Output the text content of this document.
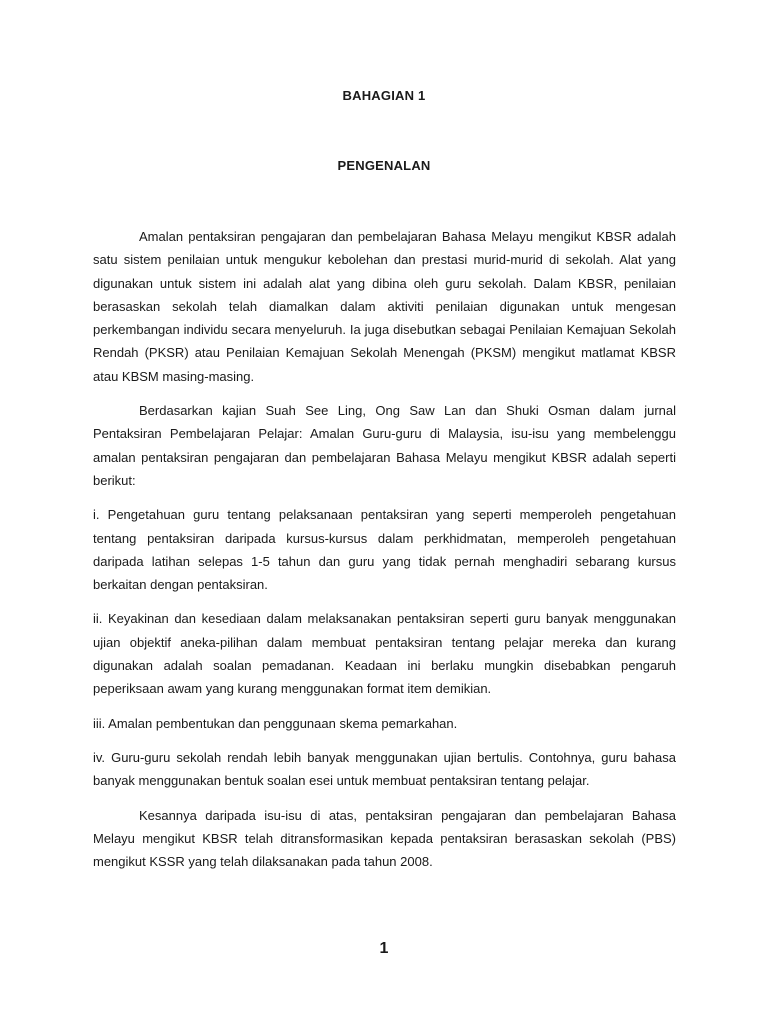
BAHAGIAN 1
PENGENALAN

Amalan pentaksiran pengajaran dan pembelajaran Bahasa Melayu mengikut KBSR adalah satu sistem penilaian untuk mengukur kebolehan dan prestasi murid-murid di sekolah. Alat yang digunakan untuk sistem ini adalah alat yang dibina oleh guru sekolah. Dalam KBSR, penilaian berasaskan sekolah telah diamalkan dalam aktiviti penilaian digunakan untuk mengesan perkembangan individu secara menyeluruh. Ia juga disebutkan sebagai Penilaian Kemajuan Sekolah Rendah (PKSR) atau Penilaian Kemajuan Sekolah Menengah (PKSM) mengikut matlamat KBSR atau KBSM masing-masing.

Berdasarkan kajian Suah See Ling, Ong Saw Lan dan Shuki Osman dalam jurnal Pentaksiran Pembelajaran Pelajar: Amalan Guru-guru di Malaysia, isu-isu yang membelenggu amalan pentaksiran pengajaran dan pembelajaran Bahasa Melayu mengikut KBSR adalah seperti berikut:

i. Pengetahuan guru tentang pelaksanaan pentaksiran yang seperti memperoleh pengetahuan tentang pentaksiran daripada kursus-kursus dalam perkhidmatan, memperoleh pengetahuan daripada latihan selepas 1-5 tahun dan guru yang tidak pernah menghadiri sebarang kursus berkaitan dengan pentaksiran.

ii. Keyakinan dan kesediaan dalam melaksanakan pentaksiran seperti guru banyak menggunakan ujian objektif aneka-pilihan dalam membuat pentaksiran tentang pelajar mereka dan kurang digunakan adalah soalan pemadanan. Keadaan ini berlaku mungkin disebabkan pengaruh peperiksaan awam yang kurang menggunakan format item demikian.

iii. Amalan pembentukan dan penggunaan skema pemarkahan.

iv. Guru-guru sekolah rendah lebih banyak menggunakan ujian bertulis. Contohnya, guru bahasa banyak menggunakan bentuk soalan esei untuk membuat pentaksiran tentang pelajar.

Kesannya daripada isu-isu di atas, pentaksiran pengajaran dan pembelajaran Bahasa Melayu mengikut KBSR telah ditransformasikan kepada pentaksiran berasaskan sekolah (PBS) mengikut KSSR yang telah dilaksanakan pada tahun 2008.

1
